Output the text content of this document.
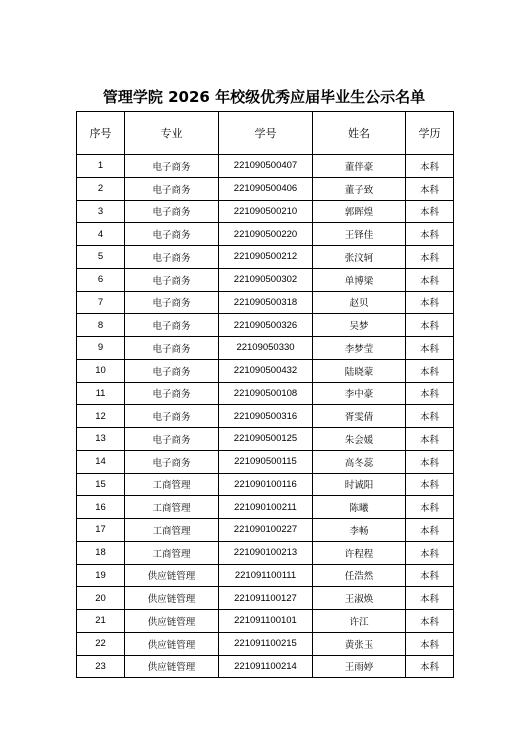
管理学院 2026 年校级优秀应届毕业生公示名单
序号	专业	学号	姓名	学历
1	电子商务	221090500407	董伴豪	本科
2	电子商务	221090500406	董子致	本科
3	电子商务	221090500210	郭晖煌	本科
4	电子商务	221090500220	王铎佳	本科
5	电子商务	221090500212	张汶轲	本科
6	电子商务	221090500302	单博梁	本科
7	电子商务	221090500318	赵贝	本科
8	电子商务	221090500326	吴梦	本科
9	电子商务	22109050330	李梦莹	本科
10	电子商务	221090500432	陆晓蒙	本科
11	电子商务	221090500108	李中豪	本科
12	电子商务	221090500316	胥雯倩	本科
13	电子商务	221090500125	朱会媛	本科
14	电子商务	221090500115	高冬蕊	本科
15	工商管理	221090100116	时诚阳	本科
16	工商管理	221090100211	陈曦	本科
17	工商管理	221090100227	李畅	本科
18	工商管理	221090100213	许程程	本科
19	供应链管理	221091100111	任浩然	本科
20	供应链管理	221091100127	王淑焕	本科
21	供应链管理	221091100101	许江	本科
22	供应链管理	221091100215	黄张玉	本科
23	供应链管理	221091100214	王雨婷	本科
